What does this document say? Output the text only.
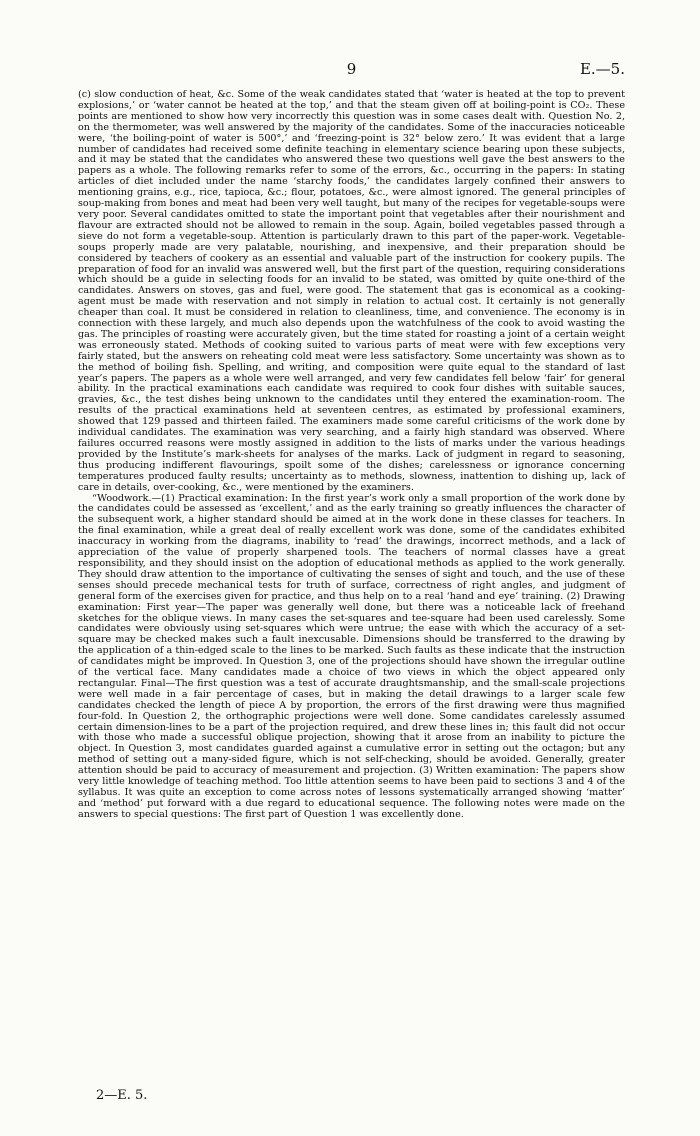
9	E.—5.

(c) slow conduction of heat, &c. Some of the weak candidates stated that ‘water is heated at the top to prevent explosions,’ or ‘water cannot be heated at the top,’ and that the steam given off at boiling-point is CO₂. These points are mentioned to show how very incorrectly this question was in some cases dealt with. Question No. 2, on the thermometer, was well answered by the majority of the candidates. Some of the inaccuracies noticeable were, ‘the boiling-point of water is 500°,’ and ‘freezing-point is 32° below zero.’ It was evident that a large number of candidates had received some definite teaching in elementary science bearing upon these subjects, and it may be stated that the candidates who answered these two questions well gave the best answers to the papers as a whole. The following remarks refer to some of the errors, &c., occurring in the papers: In stating articles of diet included under the name ‘starchy foods,’ the candidates largely confined their answers to mentioning grains, e.g., rice, tapioca, &c.; flour, potatoes, &c., were almost ignored. The general principles of soup-making from bones and meat had been very well taught, but many of the recipes for vegetable-soups were very poor. Several candidates omitted to state the important point that vegetables after their nourishment and flavour are extracted should not be allowed to remain in the soup. Again, boiled vegetables passed through a sieve do not form a vegetable-soup. Attention is particularly drawn to this part of the paper-work. Vegetable-soups properly made are very palatable, nourishing, and inexpensive, and their preparation should be considered by teachers of cookery as an essential and valuable part of the instruction for cookery pupils. The preparation of food for an invalid was answered well, but the first part of the question, requiring considerations which should be a guide in selecting foods for an invalid to be stated, was omitted by quite one-third of the candidates. Answers on stoves, gas and fuel, were good. The statement that gas is economical as a cooking-agent must be made with reservation and not simply in relation to actual cost. It certainly is not generally cheaper than coal. It must be considered in relation to cleanliness, time, and convenience. The economy is in connection with these largely, and much also depends upon the watchfulness of the cook to avoid wasting the gas. The principles of roasting were accurately given, but the time stated for roasting a joint of a certain weight was erroneously stated. Methods of cooking suited to various parts of meat were with few exceptions very fairly stated, but the answers on reheating cold meat were less satisfactory. Some uncertainty was shown as to the method of boiling fish. Spelling, and writing, and composition were quite equal to the standard of last year’s papers. The papers as a whole were well arranged, and very few candidates fell below ‘fair’ for general ability. In the practical examinations each candidate was required to cook four dishes with suitable sauces, gravies, &c., the test dishes being unknown to the candidates until they entered the examination-room. The results of the practical examinations held at seventeen centres, as estimated by professional examiners, showed that 129 passed and thirteen failed. The examiners made some careful criticisms of the work done by individual candidates. The examination was very searching, and a fairly high standard was observed. Where failures occurred reasons were mostly assigned in addition to the lists of marks under the various headings provided by the Institute’s mark-sheets for analyses of the marks. Lack of judgment in regard to seasoning, thus producing indifferent flavourings, spoilt some of the dishes; carelessness or ignorance concerning temperatures produced faulty results; uncertainty as to methods, slowness, inattention to dishing up, lack of care in details, over-cooking, &c., were mentioned by the examiners.

“Woodwork.—(1) Practical examination: In the first year’s work only a small proportion of the work done by the candidates could be assessed as ‘excellent,’ and as the early training so greatly influences the character of the subsequent work, a higher standard should be aimed at in the work done in these classes for teachers. In the final examination, while a great deal of really excellent work was done, some of the candidates exhibited inaccuracy in working from the diagrams, inability to ‘read’ the drawings, incorrect methods, and a lack of appreciation of the value of properly sharpened tools. The teachers of normal classes have a great responsibility, and they should insist on the adoption of educational methods as applied to the work generally. They should draw attention to the importance of cultivating the senses of sight and touch, and the use of these senses should precede mechanical tests for truth of surface, correctness of right angles, and judgment of general form of the exercises given for practice, and thus help on to a real ‘hand and eye’ training. (2) Drawing examination: First year—The paper was generally well done, but there was a noticeable lack of freehand sketches for the oblique views. In many cases the set-squares and tee-square had been used carelessly. Some candidates were obviously using set-squares which were untrue; the ease with which the accuracy of a set-square may be checked makes such a fault inexcusable. Dimensions should be transferred to the drawing by the application of a thin-edged scale to the lines to be marked. Such faults as these indicate that the instruction of candidates might be improved. In Question 3, one of the projections should have shown the irregular outline of the vertical face. Many candidates made a choice of two views in which the object appeared only rectangular. Final—The first question was a test of accurate draughtsmanship, and the small-scale projections were well made in a fair percentage of cases, but in making the detail drawings to a larger scale few candidates checked the length of piece A by proportion, the errors of the first drawing were thus magnified four-fold. In Question 2, the orthographic projections were well done. Some candidates carelessly assumed certain dimension-lines to be a part of the projection required, and drew these lines in; this fault did not occur with those who made a successful oblique projection, showing that it arose from an inability to picture the object. In Question 3, most candidates guarded against a cumulative error in setting out the octagon; but any method of setting out a many-sided figure, which is not self-checking, should be avoided. Generally, greater attention should be paid to accuracy of measurement and projection. (3) Written examination: The papers show very little knowledge of teaching method. Too little attention seems to have been paid to sections 3 and 4 of the syllabus. It was quite an exception to come across notes of lessons systematically arranged showing ‘matter’ and ‘method’ put forward with a due regard to educational sequence. The following notes were made on the answers to special questions: The first part of Question 1 was excellently done.

2—E. 5.
